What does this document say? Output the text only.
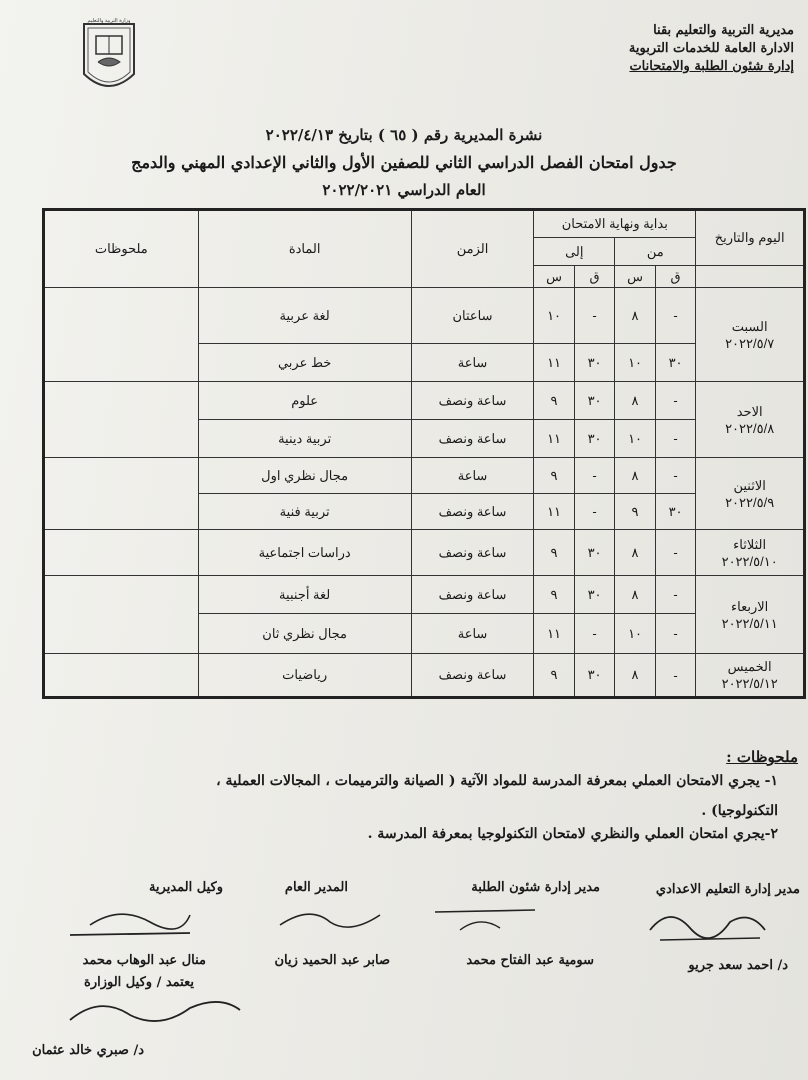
وزارة التربية والتعليم
مديرية التربية والتعليم بقنا
الادارة العامة للخدمات التربوية
إدارة شئون الطلبة والامتحانات
نشرة المديرية رقم ( ٦٥ ) بتاريخ ٢٠٢٢/٤/١٣
جدول امتحان الفصل الدراسي الثاني للصفين الأول والثاني الإعدادي المهني والدمج
العام الدراسي ٢٠٢٢/٢٠٢١
اليوم والتاريخ	بداية ونهاية الامتحان				الزمن	المادة	ملحوظات
	من		إلى				
	ق	س	ق	س			

السبت
٢٠٢٢/٥/٧	-	٨	-	١٠	ساعتان	لغة عربية	
	٣٠	١٠	٣٠	١١	ساعة	خط عربي	

الاحد
٢٠٢٢/٥/٨	-	٨	٣٠	٩	ساعة ونصف	علوم	
	-	١٠	٣٠	١١	ساعة ونصف	تربية دينية	

الاثنين
٢٠٢٢/٥/٩	-	٨	-	٩	ساعة	مجال نظري اول	
	٣٠	٩	-	١١	ساعة ونصف	تربية فنية	

الثلاثاء
٢٠٢٢/٥/١٠	-	٨	٣٠	٩	ساعة ونصف	دراسات اجتماعية	

الاربعاء
٢٠٢٢/٥/١١	-	٨	٣٠	٩	ساعة ونصف	لغة أجنبية	
	-	١٠	-	١١	ساعة	مجال نظري ثان	

الخميس
٢٠٢٢/٥/١٢	-	٨	٣٠	٩	ساعة ونصف	رياضيات	
ملحوظات :
١- يجري الامتحان العملي بمعرفة المدرسة للمواد الآتية ( الصيانة والترميمات ، المجالات العملية ،
التكنولوجيا) .
٢-يجري امتحان العملي والنظري لامتحان التكنولوجيا بمعرفة المدرسة .
مدير إدارة التعليم الاعدادي
مدير إدارة شئون الطلبة
المدير العام
وكيل المديرية
د/ احمد سعد جريو
سومية عبد الفتاح محمد
صابر عبد الحميد زيان
منال عبد الوهاب محمد
يعتمد / وكيل الوزارة
د/ صبري خالد عثمان
